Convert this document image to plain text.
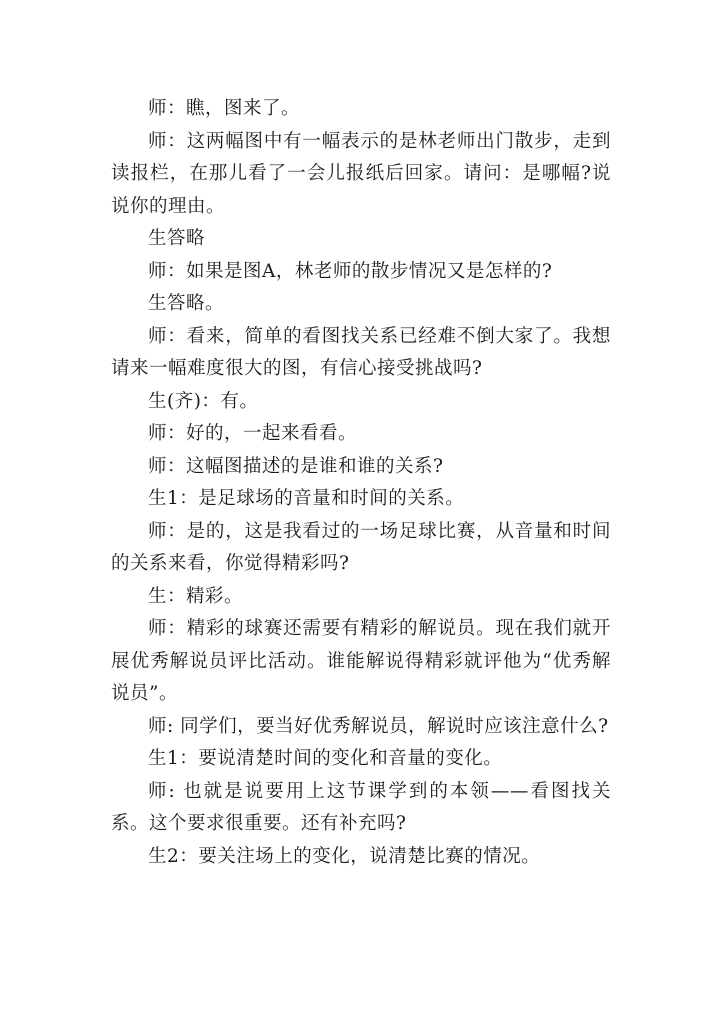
师：瞧，图来了。

师：这两幅图中有一幅表示的是林老师出门散步，走到读报栏，在那儿看了一会儿报纸后回家。请问：是哪幅?说说你的理由。

生答略

师：如果是图A，林老师的散步情况又是怎样的?

生答略。

师：看来，简单的看图找关系已经难不倒大家了。我想请来一幅难度很大的图，有信心接受挑战吗?

生(齐)：有。

师：好的，一起来看看。

师：这幅图描述的是谁和谁的关系?

生1：是足球场的音量和时间的关系。

师：是的，这是我看过的一场足球比赛，从音量和时间的关系来看，你觉得精彩吗?

生：精彩。

师：精彩的球赛还需要有精彩的解说员。现在我们就开展优秀解说员评比活动。谁能解说得精彩就评他为“优秀解说员”。

师: 同学们，要当好优秀解说员，解说时应该注意什么?

生1：要说清楚时间的变化和音量的变化。

师: 也就是说要用上这节课学到的本领——看图找关系。这个要求很重要。还有补充吗?

生2：要关注场上的变化，说清楚比赛的情况。
